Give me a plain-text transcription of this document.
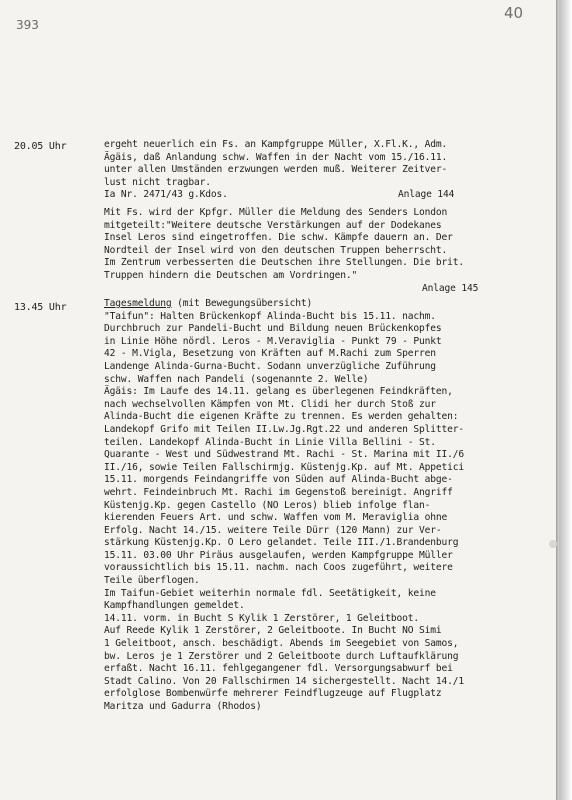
393
40
20.05 Uhr	ergeht neuerlich ein Fs. an Kampfgruppe Müller, X.Fl.K., Adm.
Ägäis, daß Anlandung schw. Waffen in der Nacht vom 15./16.11.
unter allen Umständen erzwungen werden muß. Weiterer Zeitver-
lust nicht tragbar.
Ia Nr. 2471/43 g.Kdos.	Anlage 144
Mit Fs. wird der Kpfgr. Müller die Meldung des Senders London
mitgeteilt:"Weitere deutsche Verstärkungen auf der Dodekanes
Insel Leros sind eingetroffen. Die schw. Kämpfe dauern an. Der
Nordteil der Insel wird von den deutschen Truppen beherrscht.
Im Zentrum verbesserten die Deutschen ihre Stellungen. Die brit.
Truppen hindern die Deutschen am Vordringen."
Anlage 145
13.45 Uhr	Tagesmeldung (mit Bewegungsübersicht)
"Taifun": Halten Brückenkopf Alinda-Bucht bis 15.11. nachm.
Durchbruch zur Pandeli-Bucht und Bildung neuen Brückenkopfes
in Linie Höhe nördl. Leros - M.Veraviglia - Punkt 79 - Punkt
42 - M.Vigla, Besetzung von Kräften auf M.Rachi zum Sperren
Landenge Alinda-Gurna-Bucht. Sodann unverzügliche Zuführung
schw. Waffen nach Pandeli (sogenannte 2. Welle)
Ägäis: Im Laufe des 14.11. gelang es überlegenen Feindkräften,
nach wechselvollen Kämpfen von Mt. Clidi her durch Stoß zur
Alinda-Bucht die eigenen Kräfte zu trennen. Es werden gehalten:
Landekopf Grifo mit Teilen II.Lw.Jg.Rgt.22 und anderen Splitter-
teilen. Landekopf Alinda-Bucht in Linie Villa Bellini - St.
Quarante - West und Südwestrand Mt. Rachi - St. Marina mit II./6
II./16, sowie Teilen Fallschirmjg. Küstenjg.Kp. auf Mt. Appetici
15.11. morgends Feindangriffe von Süden auf Alinda-Bucht abge-
wehrt. Feindeinbruch Mt. Rachi im Gegenstoß bereinigt. Angriff
Küstenjg.Kp. gegen Castello (NO Leros) blieb infolge flan-
kierenden Feuers Art. und schw. Waffen vom M. Meraviglia ohne
Erfolg. Nacht 14./15. weitere Teile Dürr (120 Mann) zur Ver-
stärkung Küstenjg.Kp. O Lero gelandet. Teile III./1.Brandenburg
15.11. 03.00 Uhr Piräus ausgelaufen, werden Kampfgruppe Müller
voraussichtlich bis 15.11. nachm. nach Coos zugeführt, weitere
Teile überflogen.
Im Taifun-Gebiet weiterhin normale fdl. Seetätigkeit, keine
Kampfhandlungen gemeldet.
14.11. vorm. in Bucht S Kylik 1 Zerstörer, 1 Geleitboot.
Auf Reede Kylik 1 Zerstörer, 2 Geleitboote. In Bucht NO Simi
1 Geleitboot, ansch. beschädigt. Abends im Seegebiet von Samos,
bw. Leros je 1 Zerstörer und 2 Geleitboote durch Luftaufklärung
erfaßt. Nacht 16.11. fehlgegangener fdl. Versorgungsabwurf bei
Stadt Calino. Von 20 Fallschirmen 14 sichergestellt. Nacht 14./1
erfolglose Bombenwürfe mehrerer Feindflugzeuge auf Flugplatz
Maritza und Gadurra (Rhodos)
